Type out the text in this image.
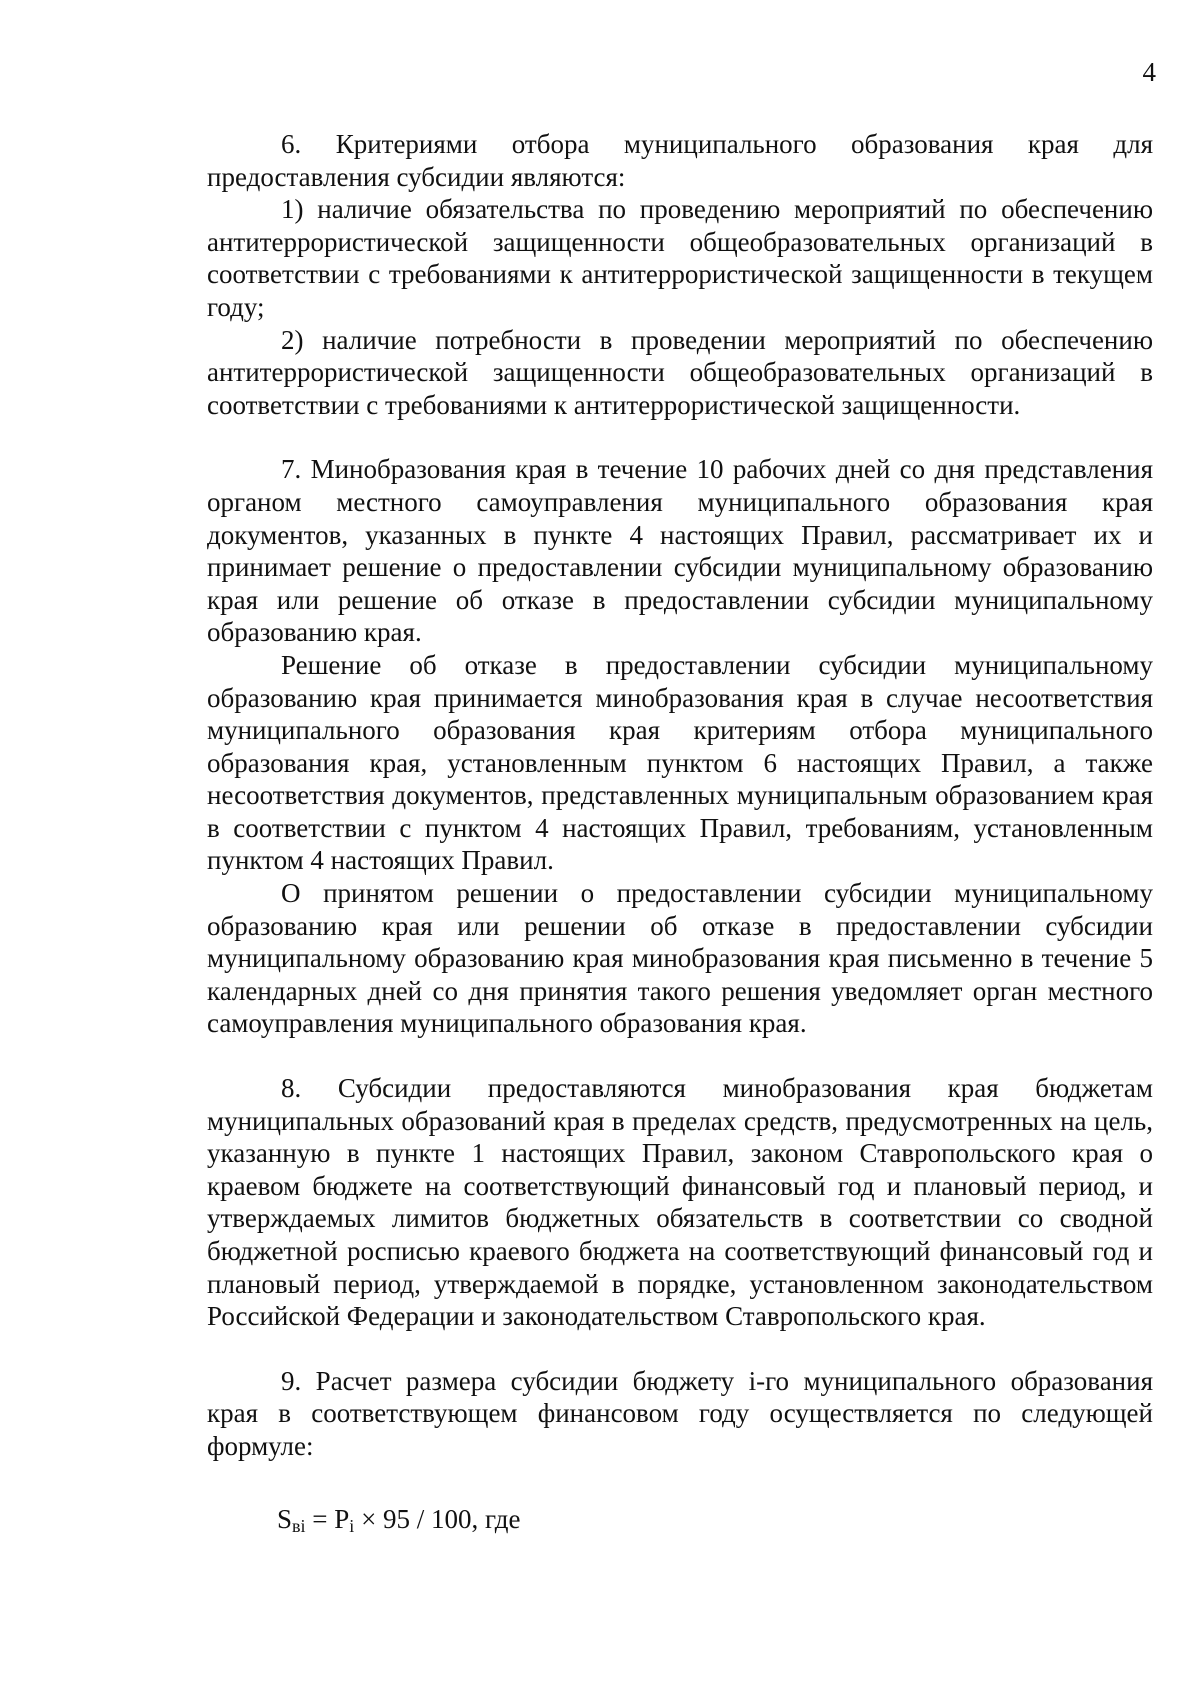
4

6. Критериями отбора муниципального образования края для предоставления субсидии являются:

1) наличие обязательства по проведению мероприятий по обеспечению антитеррористической защищенности общеобразовательных организаций в соответствии с требованиями к антитеррористической защищенности в текущем году;

2) наличие потребности в проведении мероприятий по обеспечению антитеррористической защищенности общеобразовательных организаций в соответствии с требованиями к антитеррористической защищенности.

7. Минобразования края в течение 10 рабочих дней со дня представления органом местного самоуправления муниципального образования края документов, указанных в пункте 4 настоящих Правил, рассматривает их и принимает решение о предоставлении субсидии муниципальному образованию края или решение об отказе в предоставлении субсидии муниципальному образованию края.

Решение об отказе в предоставлении субсидии муниципальному образованию края принимается минобразования края в случае несоответствия муниципального образования края критериям отбора муниципального образования края, установленным пунктом 6 настоящих Правил, а также несоответствия документов, представленных муниципальным образованием края в соответствии с пунктом 4 настоящих Правил, требованиям, установленным пунктом 4 настоящих Правил.

О принятом решении о предоставлении субсидии муниципальному образованию края или решении об отказе в предоставлении субсидии муниципальному образованию края минобразования края письменно в течение 5 календарных дней со дня принятия такого решения уведомляет орган местного самоуправления муниципального образования края.

8. Субсидии предоставляются минобразования края бюджетам муниципальных образований края в пределах средств, предусмотренных на цель, указанную в пункте 1 настоящих Правил, законом Ставропольского края о краевом бюджете на соответствующий финансовый год и плановый период, и утверждаемых лимитов бюджетных обязательств в соответствии со сводной бюджетной росписью краевого бюджета на соответствующий финансовый год и плановый период, утверждаемой в порядке, установленном законодательством Российской Федерации и законодательством Ставропольского края.

9. Расчет размера субсидии бюджету i-го муниципального образования края в соответствующем финансовом году осуществляется по следующей формуле:

$S_{вi} = P_i \times 95 / 100$, где
